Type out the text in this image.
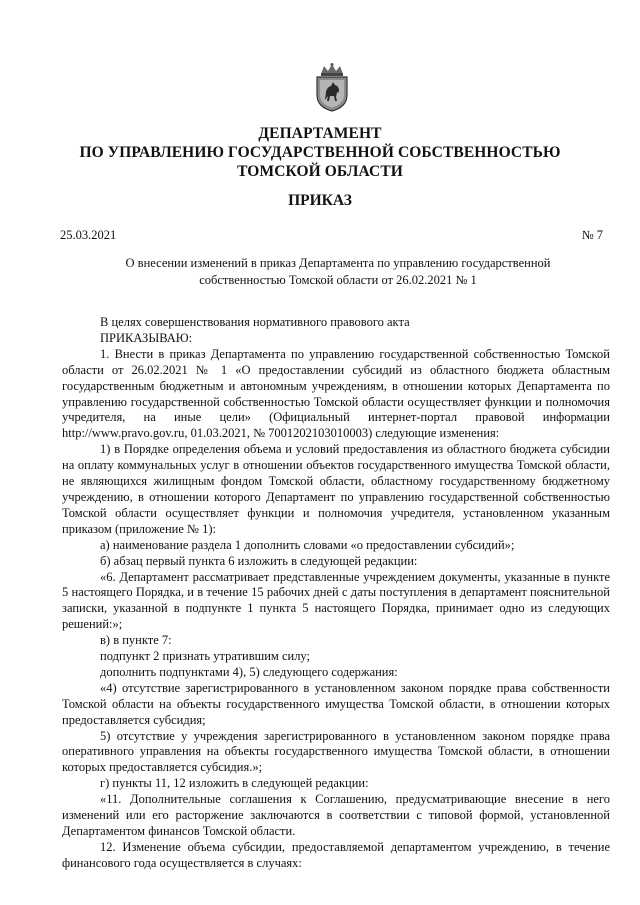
ДЕПАРТАМЕНТ
ПО УПРАВЛЕНИЮ ГОСУДАРСТВЕННОЙ СОБСТВЕННОСТЬЮ
ТОМСКОЙ ОБЛАСТИ
ПРИКАЗ
25.03.2021	№ 7
О внесении изменений в приказ Департамента по управлению государственной собственностью Томской области от 26.02.2021 № 1

В целях совершенствования нормативного правового акта

ПРИКАЗЫВАЮ:

1. Внести в приказ Департамента по управлению государственной собственностью Томской области от 26.02.2021 № 1 «О предоставлении субсидий из областного бюджета областным государственным бюджетным и автономным учреждениям, в отношении которых Департамента по управлению государственной собственностью Томской области осуществляет функции и полномочия учредителя, на иные цели» (Официальный интернет-портал правовой информации http://www.pravo.gov.ru, 01.03.2021, № 7001202103010003) следующие изменения:

1) в Порядке определения объема и условий предоставления из областного бюджета субсидии на оплату коммунальных услуг в отношении объектов государственного имущества Томской области, не являющихся жилищным фондом Томской области, областному государственному бюджетному учреждению, в отношении которого Департамент по управлению государственной собственностью Томской области осуществляет функции и полномочия учредителя, установленном указанным приказом (приложение № 1):

а) наименование раздела 1 дополнить словами «о предоставлении субсидий»;

б) абзац первый пункта 6 изложить в следующей редакции:

«6. Департамент рассматривает представленные учреждением документы, указанные в пункте 5 настоящего Порядка, и в течение 15 рабочих дней с даты поступления в департамент пояснительной записки, указанной в подпункте 1 пункта 5 настоящего Порядка, принимает одно из следующих решений:»;

в) в пункте 7:

подпункт 2 признать утратившим силу;

дополнить подпунктами 4), 5) следующего содержания:

«4) отсутствие зарегистрированного в установленном законом порядке права собственности Томской области на объекты государственного имущества Томской области, в отношении которых предоставляется субсидия;

5) отсутствие у учреждения зарегистрированного в установленном законом порядке права оперативного управления на объекты государственного имущества Томской области, в отношении которых предоставляется субсидия.»;

г) пункты 11, 12 изложить в следующей редакции:

«11. Дополнительные соглашения к Соглашению, предусматривающие внесение в него изменений или его расторжение заключаются в соответствии с типовой формой, установленной Департаментом финансов Томской области.

12. Изменение объема субсидии, предоставляемой департаментом учреждению, в течение финансового года осуществляется в случаях:
